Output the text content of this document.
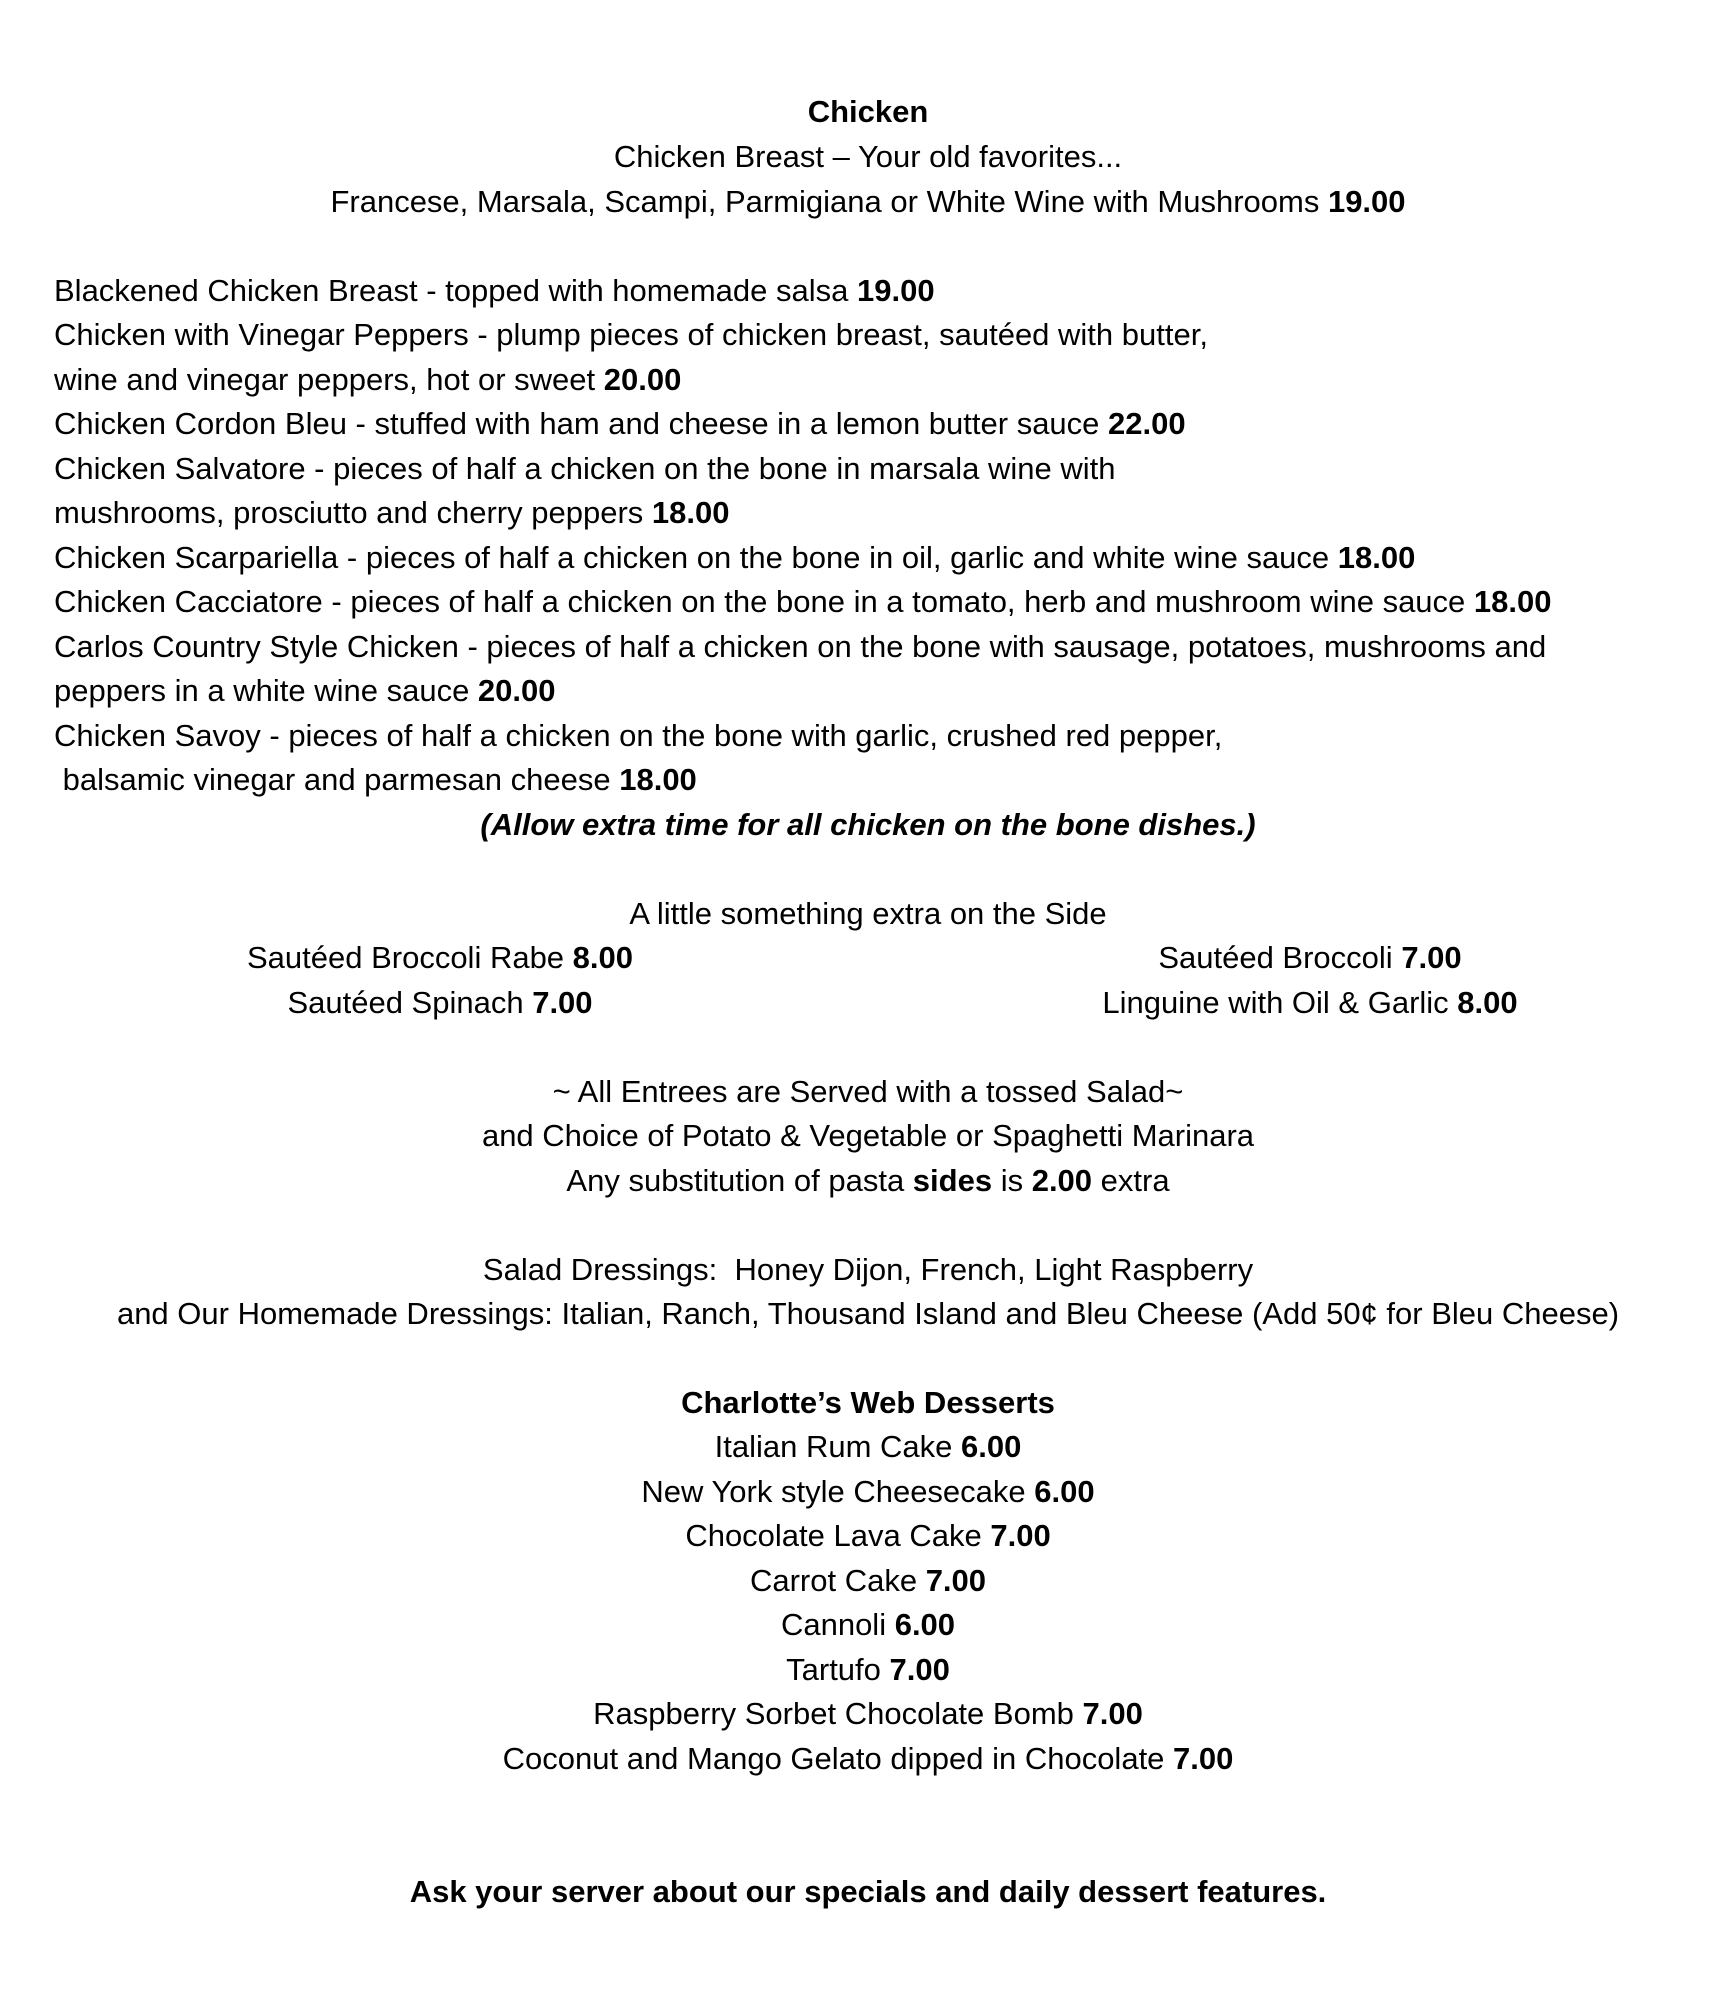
Chicken
Chicken Breast – Your old favorites...
Francese, Marsala, Scampi, Parmigiana or White Wine with Mushrooms 19.00
Blackened Chicken Breast - topped with homemade salsa 19.00
Chicken with Vinegar Peppers - plump pieces of chicken breast, sautéed with butter,
wine and vinegar peppers, hot or sweet 20.00
Chicken Cordon Bleu - stuffed with ham and cheese in a lemon butter sauce 22.00
Chicken Salvatore - pieces of half a chicken on the bone in marsala wine with
mushrooms, prosciutto and cherry peppers 18.00
Chicken Scarpariella - pieces of half a chicken on the bone in oil, garlic and white wine sauce 18.00
Chicken Cacciatore - pieces of half a chicken on the bone in a tomato, herb and mushroom wine sauce 18.00
Carlos Country Style Chicken - pieces of half a chicken on the bone with sausage, potatoes, mushrooms and
peppers in a white wine sauce 20.00
Chicken Savoy - pieces of half a chicken on the bone with garlic, crushed red pepper,
balsamic vinegar and parmesan cheese 18.00
(Allow extra time for all chicken on the bone dishes.)
A little something extra on the Side
Sautéed Broccoli Rabe 8.00	Sautéed Broccoli 7.00
Sautéed Spinach 7.00	Linguine with Oil & Garlic 8.00
~ All Entrees are Served with a tossed Salad~
and Choice of Potato & Vegetable or Spaghetti Marinara
Any substitution of pasta sides is 2.00 extra
Salad Dressings:  Honey Dijon, French, Light Raspberry
and Our Homemade Dressings: Italian, Ranch, Thousand Island and Bleu Cheese (Add 50¢ for Bleu Cheese)
Charlotte’s Web Desserts
Italian Rum Cake 6.00
New York style Cheesecake 6.00
Chocolate Lava Cake 7.00
Carrot Cake 7.00
Cannoli 6.00
Tartufo 7.00
Raspberry Sorbet Chocolate Bomb 7.00
Coconut and Mango Gelato dipped in Chocolate 7.00
Ask your server about our specials and daily dessert features.
